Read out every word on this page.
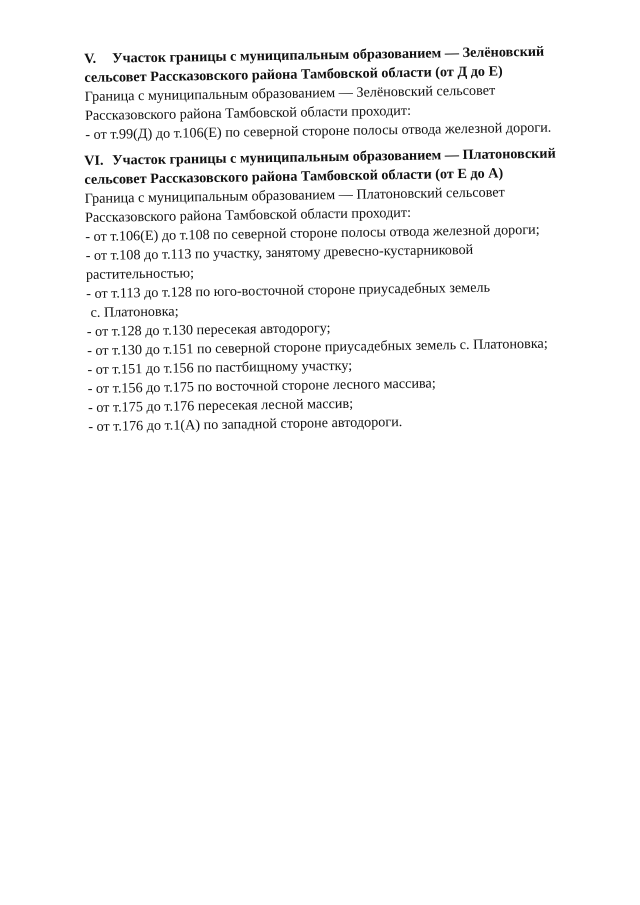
V. Участок границы с муниципальным образованием — Зелёновский

сельсовет Рассказовского района Тамбовской области (от Д до Е)

Граница с муниципальным образованием — Зелёновский сельсовет

Рассказовского района Тамбовской области проходит:

- от т.99(Д) до т.106(Е) по северной стороне полосы отвода железной дороги.

VI. Участок границы с муниципальным образованием — Платоновский

сельсовет Рассказовского района Тамбовской области (от Е до А)

Граница с муниципальным образованием — Платоновский сельсовет

Рассказовского района Тамбовской области проходит:

- от т.106(Е) до т.108 по северной стороне полосы отвода железной дороги;

- от т.108 до т.113 по участку, занятому древесно-кустарниковой

растительностью;

- от т.113 до т.128 по юго-восточной стороне приусадебных земель

с. Платоновка;

- от т.128 до т.130 пересекая автодорогу;

- от т.130 до т.151 по северной стороне приусадебных земель с. Платоновка;

- от т.151 до т.156 по пастбищному участку;

- от т.156 до т.175 по восточной стороне лесного массива;

- от т.175 до т.176 пересекая лесной массив;

- от т.176 до т.1(А) по западной стороне автодороги.
